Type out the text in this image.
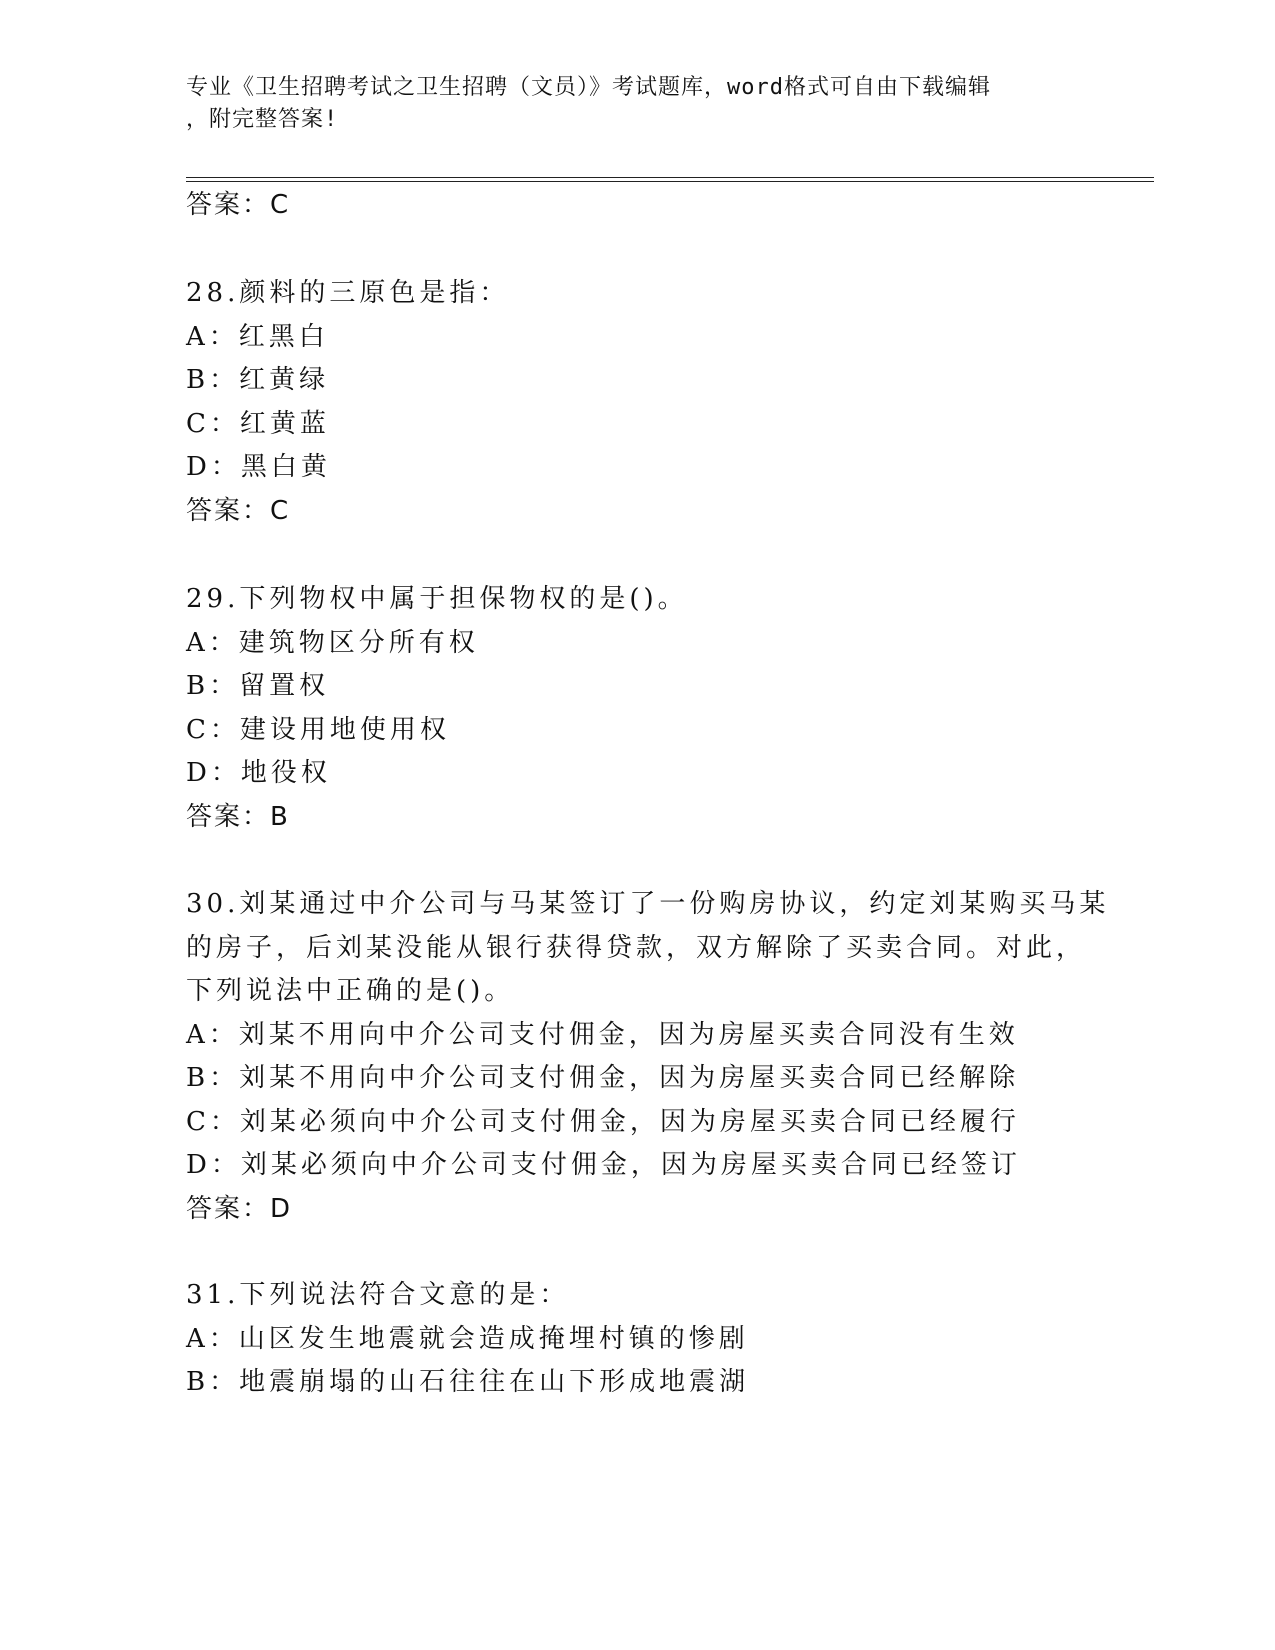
专业《卫生招聘考试之卫生招聘（文员）》考试题库，word格式可自由下载编辑
，附完整答案!
答案：C
28.颜料的三原色是指：
A：红黑白
B：红黄绿
C：红黄蓝
D：黑白黄
答案：C
29.下列物权中属于担保物权的是()。
A：建筑物区分所有权
B：留置权
C：建设用地使用权
D：地役权
答案：B
30.刘某通过中介公司与马某签订了一份购房协议，约定刘某购买马某
的房子，后刘某没能从银行获得贷款，双方解除了买卖合同。对此，
下列说法中正确的是()。
A：刘某不用向中介公司支付佣金，因为房屋买卖合同没有生效
B：刘某不用向中介公司支付佣金，因为房屋买卖合同已经解除
C：刘某必须向中介公司支付佣金，因为房屋买卖合同已经履行
D：刘某必须向中介公司支付佣金，因为房屋买卖合同已经签订
答案：D
31.下列说法符合文意的是：
A：山区发生地震就会造成掩埋村镇的惨剧
B：地震崩塌的山石往往在山下形成地震湖
